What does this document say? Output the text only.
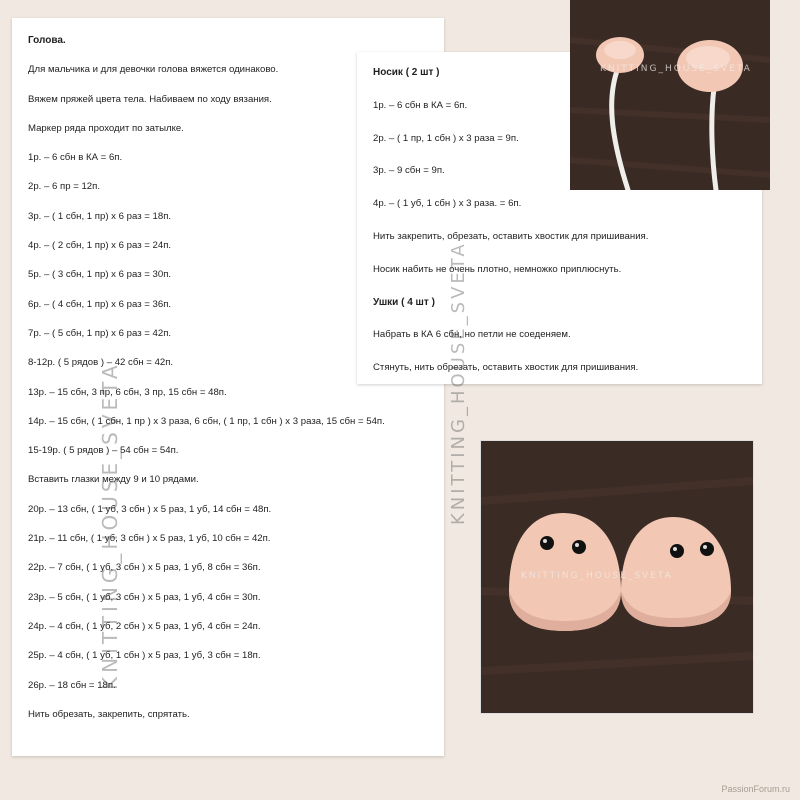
Голова.
Для мальчика и для девочки голова вяжется одинаково.
Вяжем пряжей цвета тела. Набиваем по ходу вязания.
Маркер ряда проходит по затылке.
1р. – 6 сбн в КА = 6п.
2р. – 6 пр = 12п.
3р. – ( 1 сбн, 1 пр) х 6 раз = 18п.
4р. – ( 2 сбн, 1 пр) х 6 раз = 24п.
5р. – ( 3 сбн, 1 пр) х 6 раз = 30п.
6р. – ( 4 сбн, 1 пр) х 6 раз = 36п.
7р. – ( 5 сбн, 1 пр) х 6 раз = 42п.
8-12р. ( 5 рядов ) – 42 сбн = 42п.
13р. – 15 сбн, 3 пр, 6 сбн, 3 пр, 15 сбн = 48п.
14р. – 15 сбн, ( 1 сбн, 1 пр ) х 3 раза, 6 сбн, ( 1 пр, 1 сбн ) х 3 раза, 15 сбн = 54п.
15-19р. ( 5 рядов ) – 54 сбн = 54п.
Вставить глазки между 9 и 10 рядами.
20р. – 13 сбн, ( 1 уб, 3 сбн ) х 5 раз, 1 уб, 14 сбн = 48п.
21р. – 11 сбн, ( 1 уб, 3 сбн ) х 5 раз, 1 уб, 10 сбн = 42п.
22р. – 7 сбн, ( 1 уб, 3 сбн ) х 5 раз, 1 уб, 8 сбн = 36п.
23р. – 5 сбн, ( 1 уб, 3 сбн ) х 5 раз, 1 уб, 4 сбн = 30п.
24р. – 4 сбн, ( 1 уб, 2 сбн ) х 5 раз, 1 уб, 4 сбн = 24п.
25р. – 4 сбн, ( 1 уб, 1 сбн ) х 5 раз, 1 уб, 3 сбн = 18п.
26р. – 18 сбн = 18п.
Нить обрезать, закрепить, спрятать.
Носик ( 2 шт )
1р. – 6 сбн в КА = 6п.
2р. – ( 1 пр, 1 сбн ) х 3 раза = 9п.
3р. – 9 сбн = 9п.
4р. – ( 1 уб, 1 сбн ) х 3 раза. = 6п.
Нить закрепить, обрезать, оставить хвостик для пришивания.
Носик набить не очень плотно, немножко приплюснуть.
Ушки ( 4 шт )
Набрать в КА 6 сбн, но петли не соеденяем.
Стянуть, нить обрезать, оставить хвостик для пришивания.
KNITTING_HOUSE_SVETA
KNITTING_HOUSE_SVETA
KNITTING_HOUSE_SVETA	KNITTING_HOUSE_SVETA
PassionForum.ru
